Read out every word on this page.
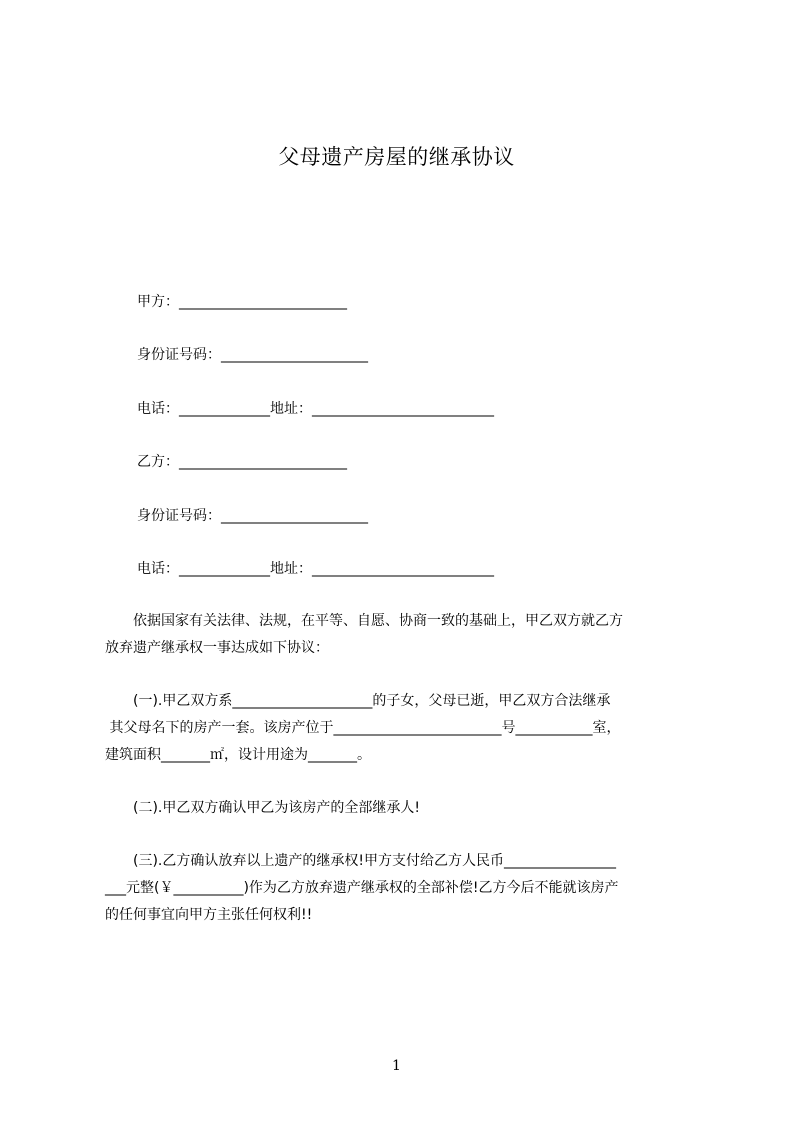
父母遗产房屋的继承协议
甲方：________________________
身份证号码：_____________________
电话：_____________地址：__________________________
乙方：________________________
身份证号码：_____________________
电话：_____________地址：__________________________
　　依据国家有关法律、法规，在平等、自愿、协商一致的基础上，甲乙双方就乙方
放弃遗产继承权一事达成如下协议：
　　(一).甲乙双方系____________________的子女，父母已逝，甲乙双方合法继承
其父母名下的房产一套。该房产位于________________________号___________室，
建筑面积_______㎡，设计用途为_______。
　　(二).甲乙双方确认甲乙为该房产的全部继承人!
　　(三).乙方确认放弃以上遗产的继承权!甲方支付给乙方人民币________________
___元整(￥__________)作为乙方放弃遗产继承权的全部补偿!乙方今后不能就该房产
的任何事宜向甲方主张任何权利!!
1
